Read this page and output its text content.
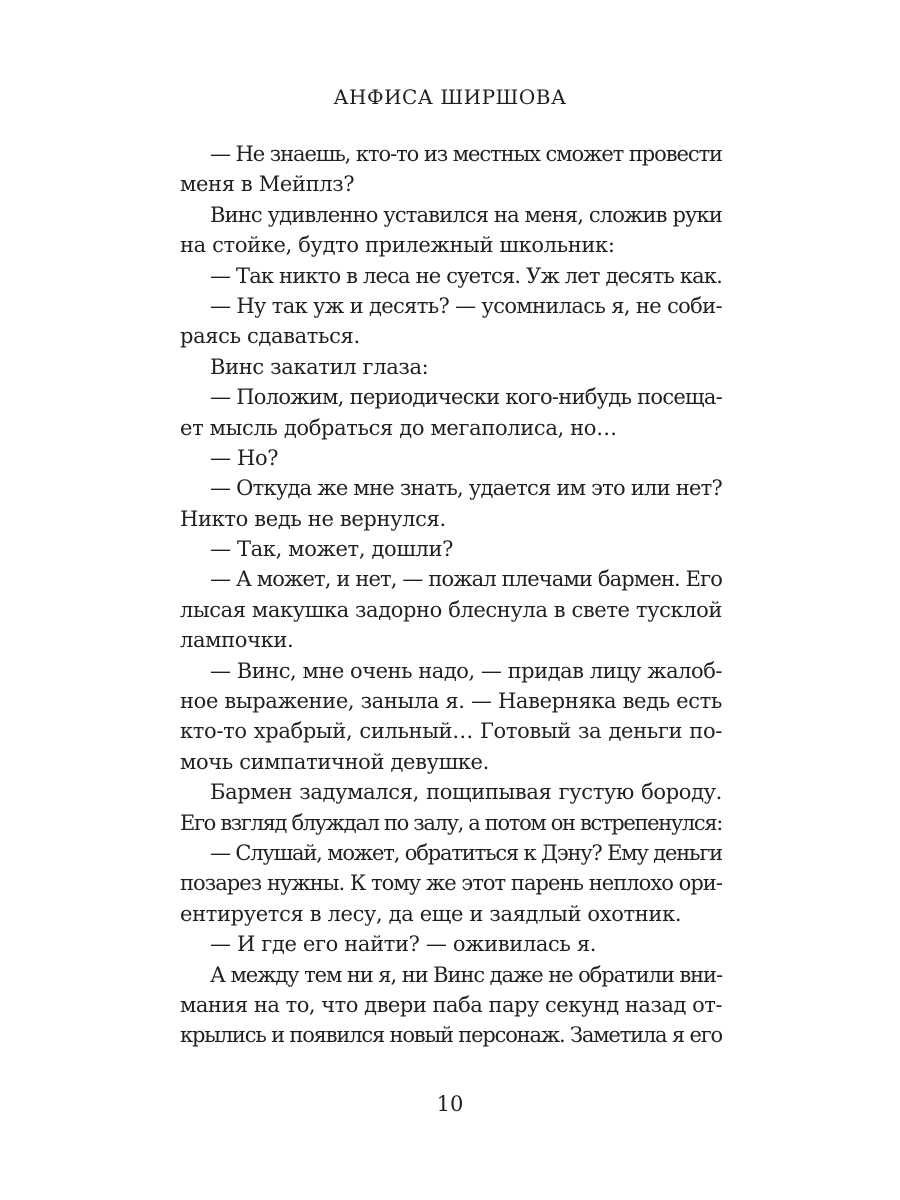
АНФИСА ШИРШОВА
— Не знаешь, кто-то из местных сможет провести
меня в Мейплз?
Винс удивленно уставился на меня, сложив руки
на стойке, будто прилежный школьник:
— Так никто в леса не суется. Уж лет десять как.
— Ну так уж и десять? — усомнилась я, не соби-
раясь сдаваться.
Винс закатил глаза:
— Положим, периодически кого-нибудь посеща-
ет мысль добраться до мегаполиса, но…
— Но?
— Откуда же мне знать, удается им это или нет?
Никто ведь не вернулся.
— Так, может, дошли?
— А может, и нет, — пожал плечами бармен. Его
лысая макушка задорно блеснула в свете тусклой
лампочки.
— Винс, мне очень надо, — придав лицу жалоб-
ное выражение, заныла я. — Наверняка ведь есть
кто-то храбрый, сильный… Готовый за деньги по-
мочь симпатичной девушке.
Бармен задумался, пощипывая густую бороду.
Его взгляд блуждал по залу, а потом он встрепенулся:
— Слушай, может, обратиться к Дэну? Ему деньги
позарез нужны. К тому же этот парень неплохо ори-
ентируется в лесу, да еще и заядлый охотник.
— И где его найти? — оживилась я.
А между тем ни я, ни Винс даже не обратили вни-
мания на то, что двери паба пару секунд назад от-
крылись и появился новый персонаж. Заметила я его
10
